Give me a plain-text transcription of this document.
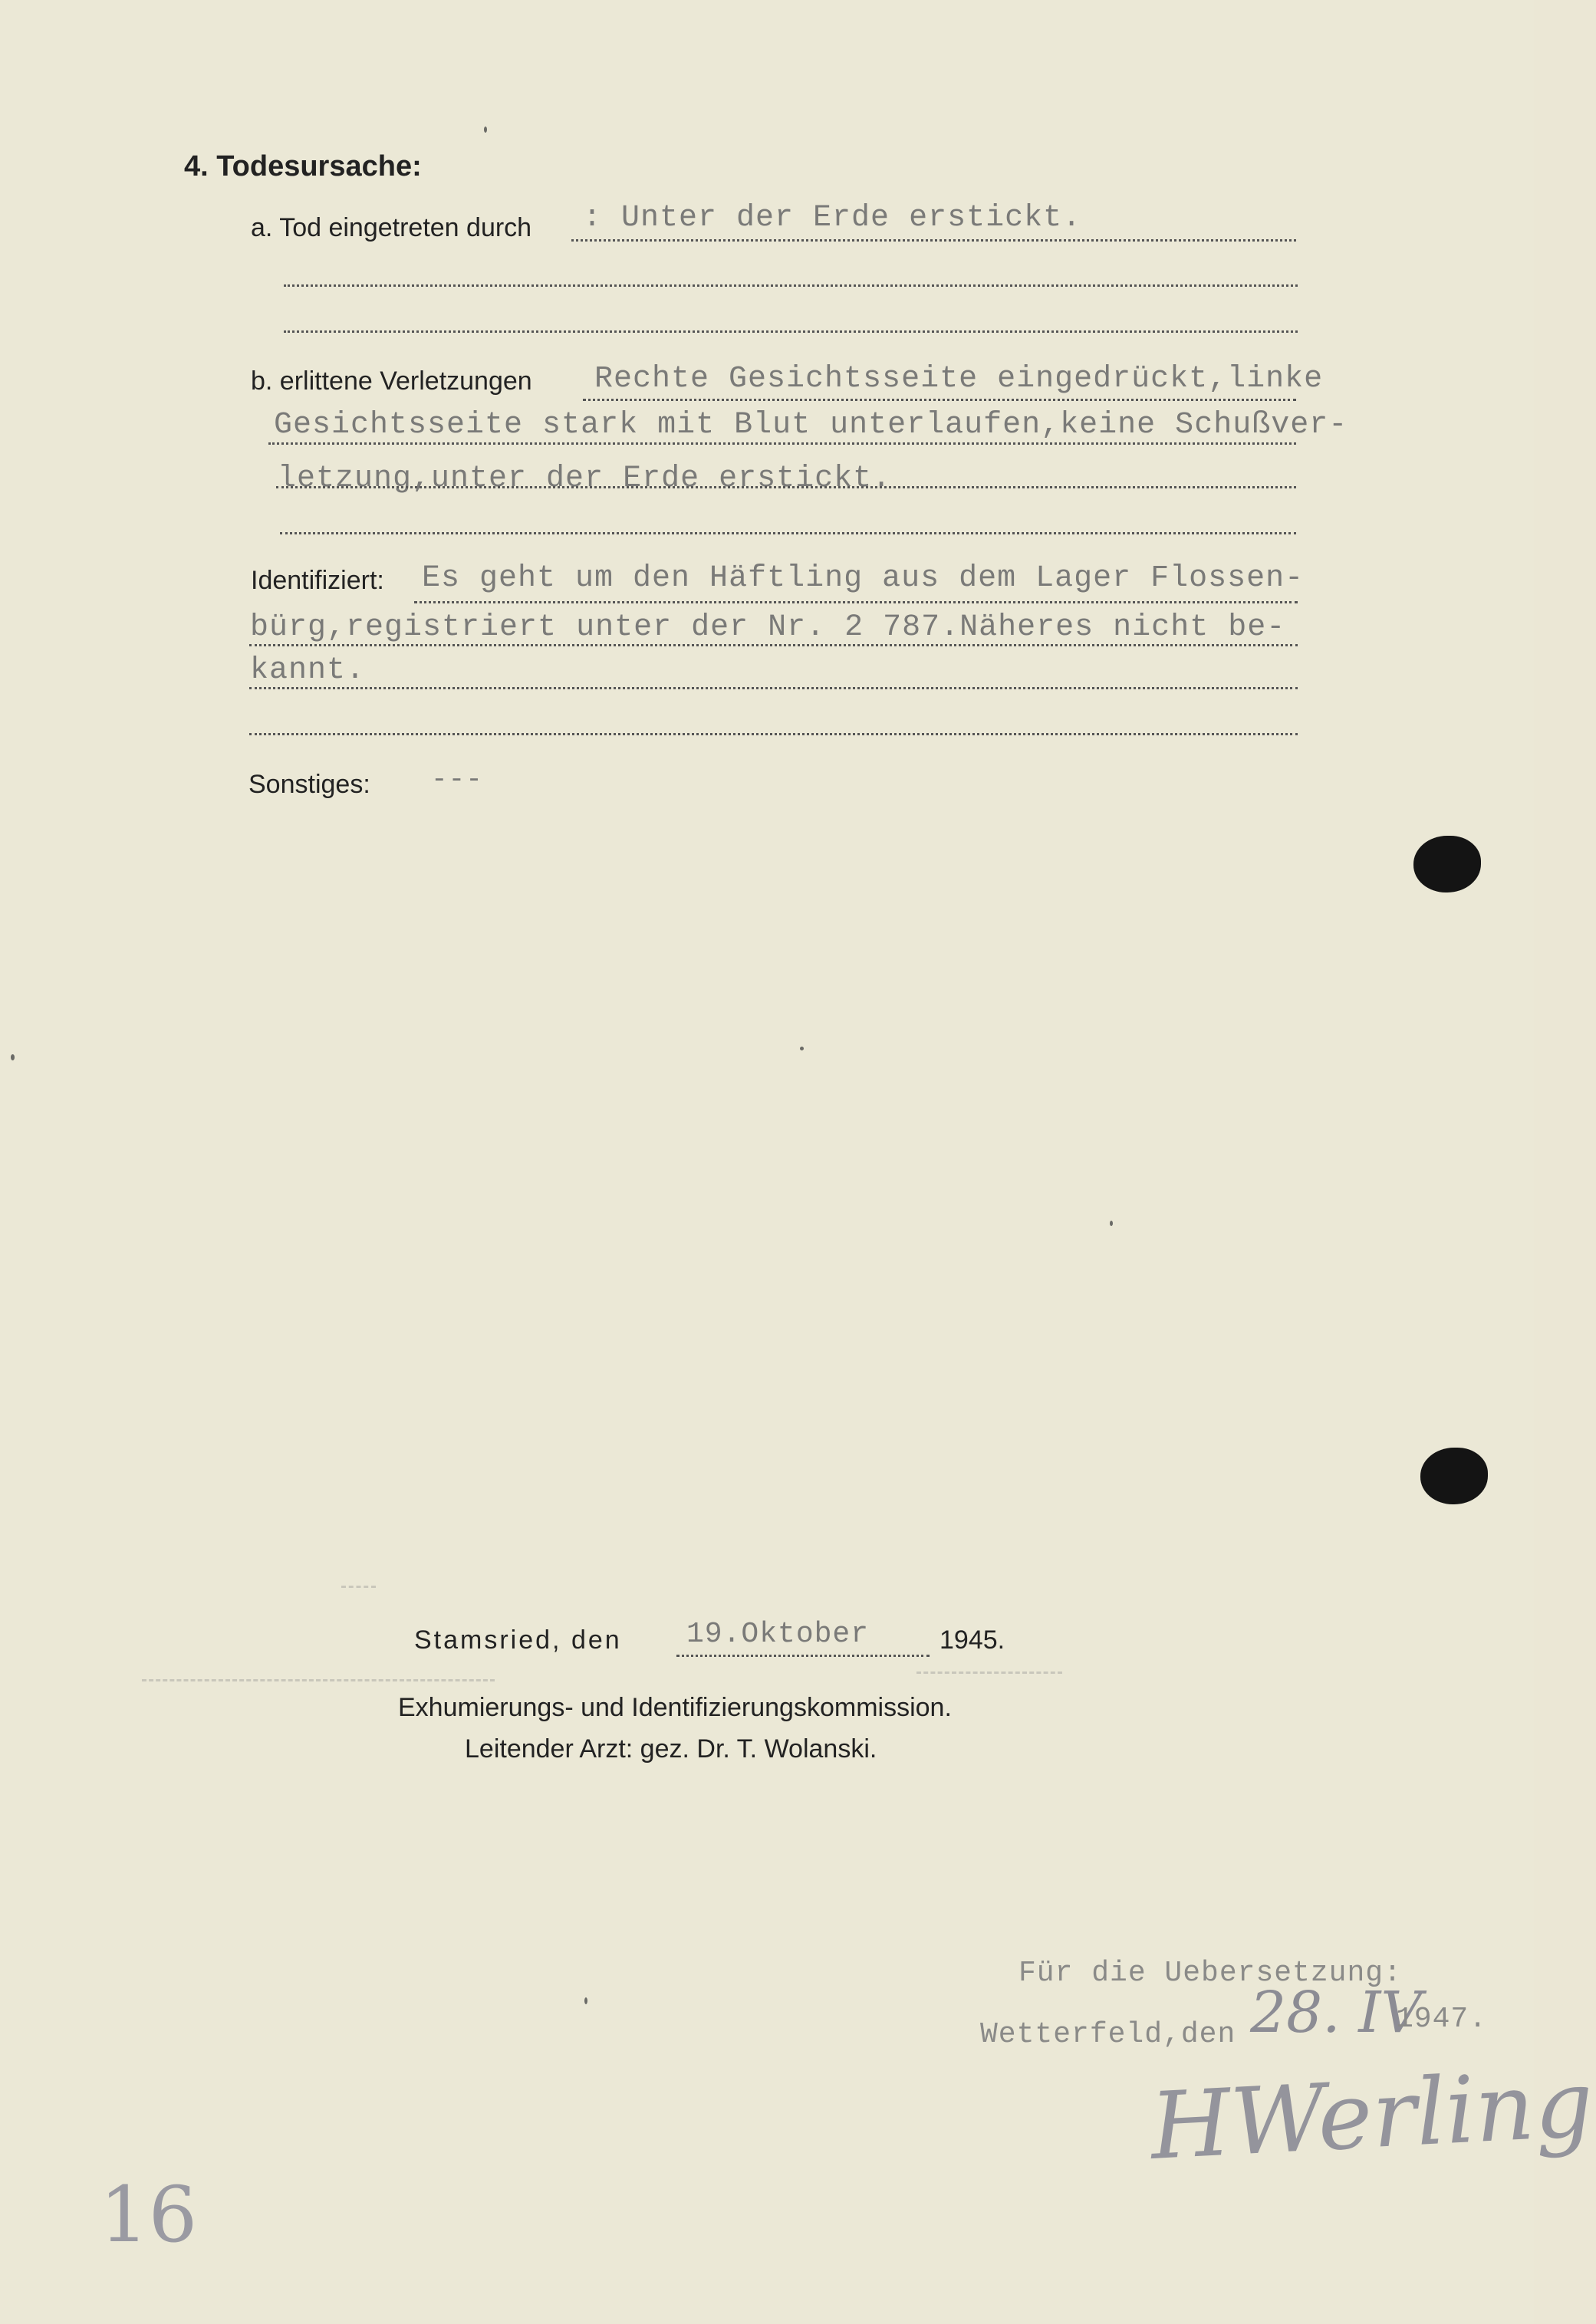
4. Todesursache:
a. Tod eingetreten durch : Unter der Erde erstickt.
b. erlittene Verletzungen Rechte Gesichtsseite eingedrückt,linke
Gesichtsseite stark mit Blut unterlaufen,keine Schußver-
letzung,unter der Erde erstickt.
Identifiziert: Es geht um den Häftling aus dem Lager Flossen-
bürg,registriert unter der Nr. 2 787.Näheres nicht be-
kannt.
Sonstiges: ---
Stamsried, den 19.Oktober	1945.
Exhumierungs- und Identifizierungskommission.
Leitender Arzt: gez. Dr. T. Wolanski.
Für die Uebersetzung:
Wetterfeld,den 28. IV
1947.
HWerling
16
